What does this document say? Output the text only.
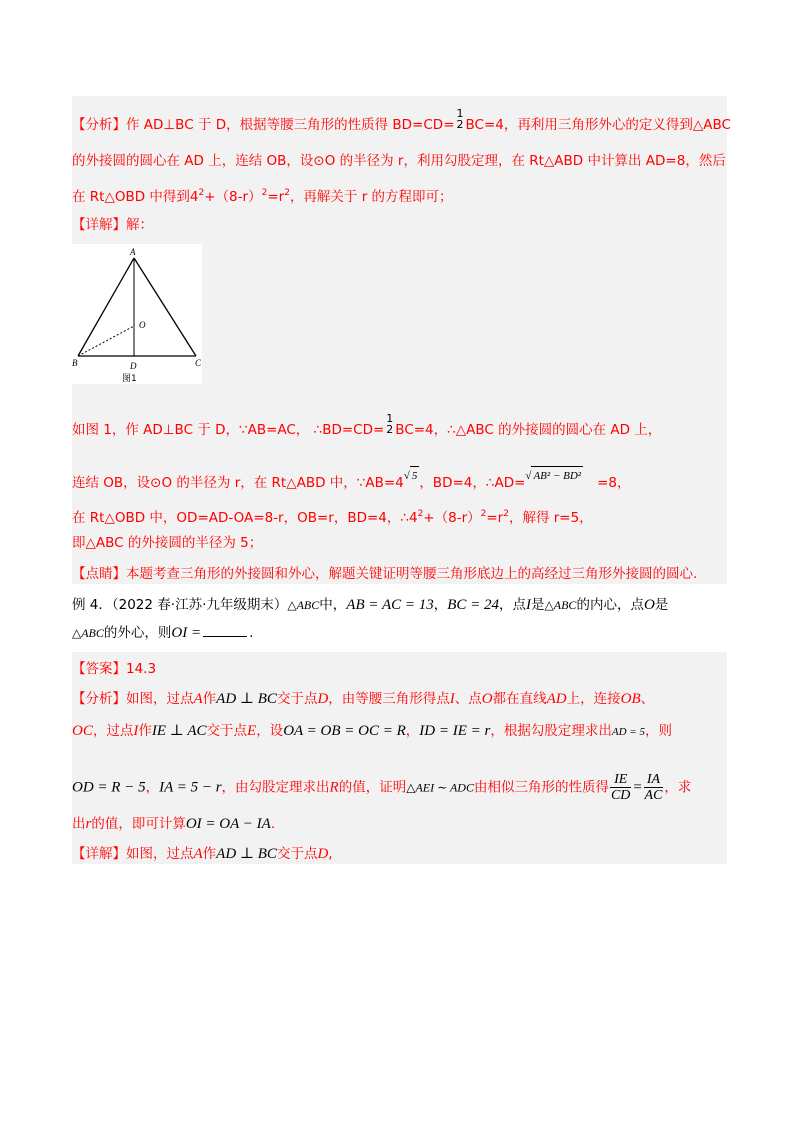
【分析】作 AD⊥BC 于 D，根据等腰三角形的性质得 BD=CD=
1
2 BC=4，再利用三角形外心的定义得到△ABC
的外接圆的圆心在 AD 上，连结 OB，设⊙O 的半径为 r，利用勾股定理，在 Rt△ABD 中计算出 AD=8，然后
在 Rt△OBD 中得到$4^2+(8-r)^2=r^2$，再解关于 r 的方程即可；
【详解】解：
A
O
B	D	C
图1
如图 1，作 AD⊥BC 于 D，∵AB=AC， ∴BD=CD=
1
2 BC=4，∴△ABC 的外接圆的圆心在 AD 上，
连结 OB，设⊙O 的半径为 r，在 Rt△ABD 中，∵AB=4√ 5 ，BD=4，∴AD=√ AB² − BD² =8，
在 Rt△OBD 中，OD=AD-OA=8-r，OB=r，BD=4，$\therefore 4^2+(8-r)^2=r^2$，解得 r=5，
即△ABC 的外接圆的半径为 5；
【点睛】本题考查三角形的外接圆和外心，解题关键证明等腰三角形底边上的高经过三角形外接圆的圆心.
例 4．（2022 春·江苏·九年级期末）△ABC中，AB = AC = 13，BC = 24，点I是△ABC的内心，点O是
△ABC的外心，则OI =	.
【答案】14.3
【分析】如图，过点A作AD ⊥ BC交于点D，由等腰三角形得点I、点O都在直线AD上，连接OB、
OC，过点I作IE ⊥ AC交于点E，设OA = OB = OC = R，ID = IE = r，根据勾股定理求出AD = 5，则
OD = R − 5，IA = 5 − r，由勾股定理求出R的值，证明△AEI ∼ ADC由相似三角形的性质得 $\frac{IE}{CD} = \frac{IA}{AC}$ ，求
出r的值，即可计算OI = OA − IA.
【详解】如图，过点A作AD ⊥ BC交于点D,
